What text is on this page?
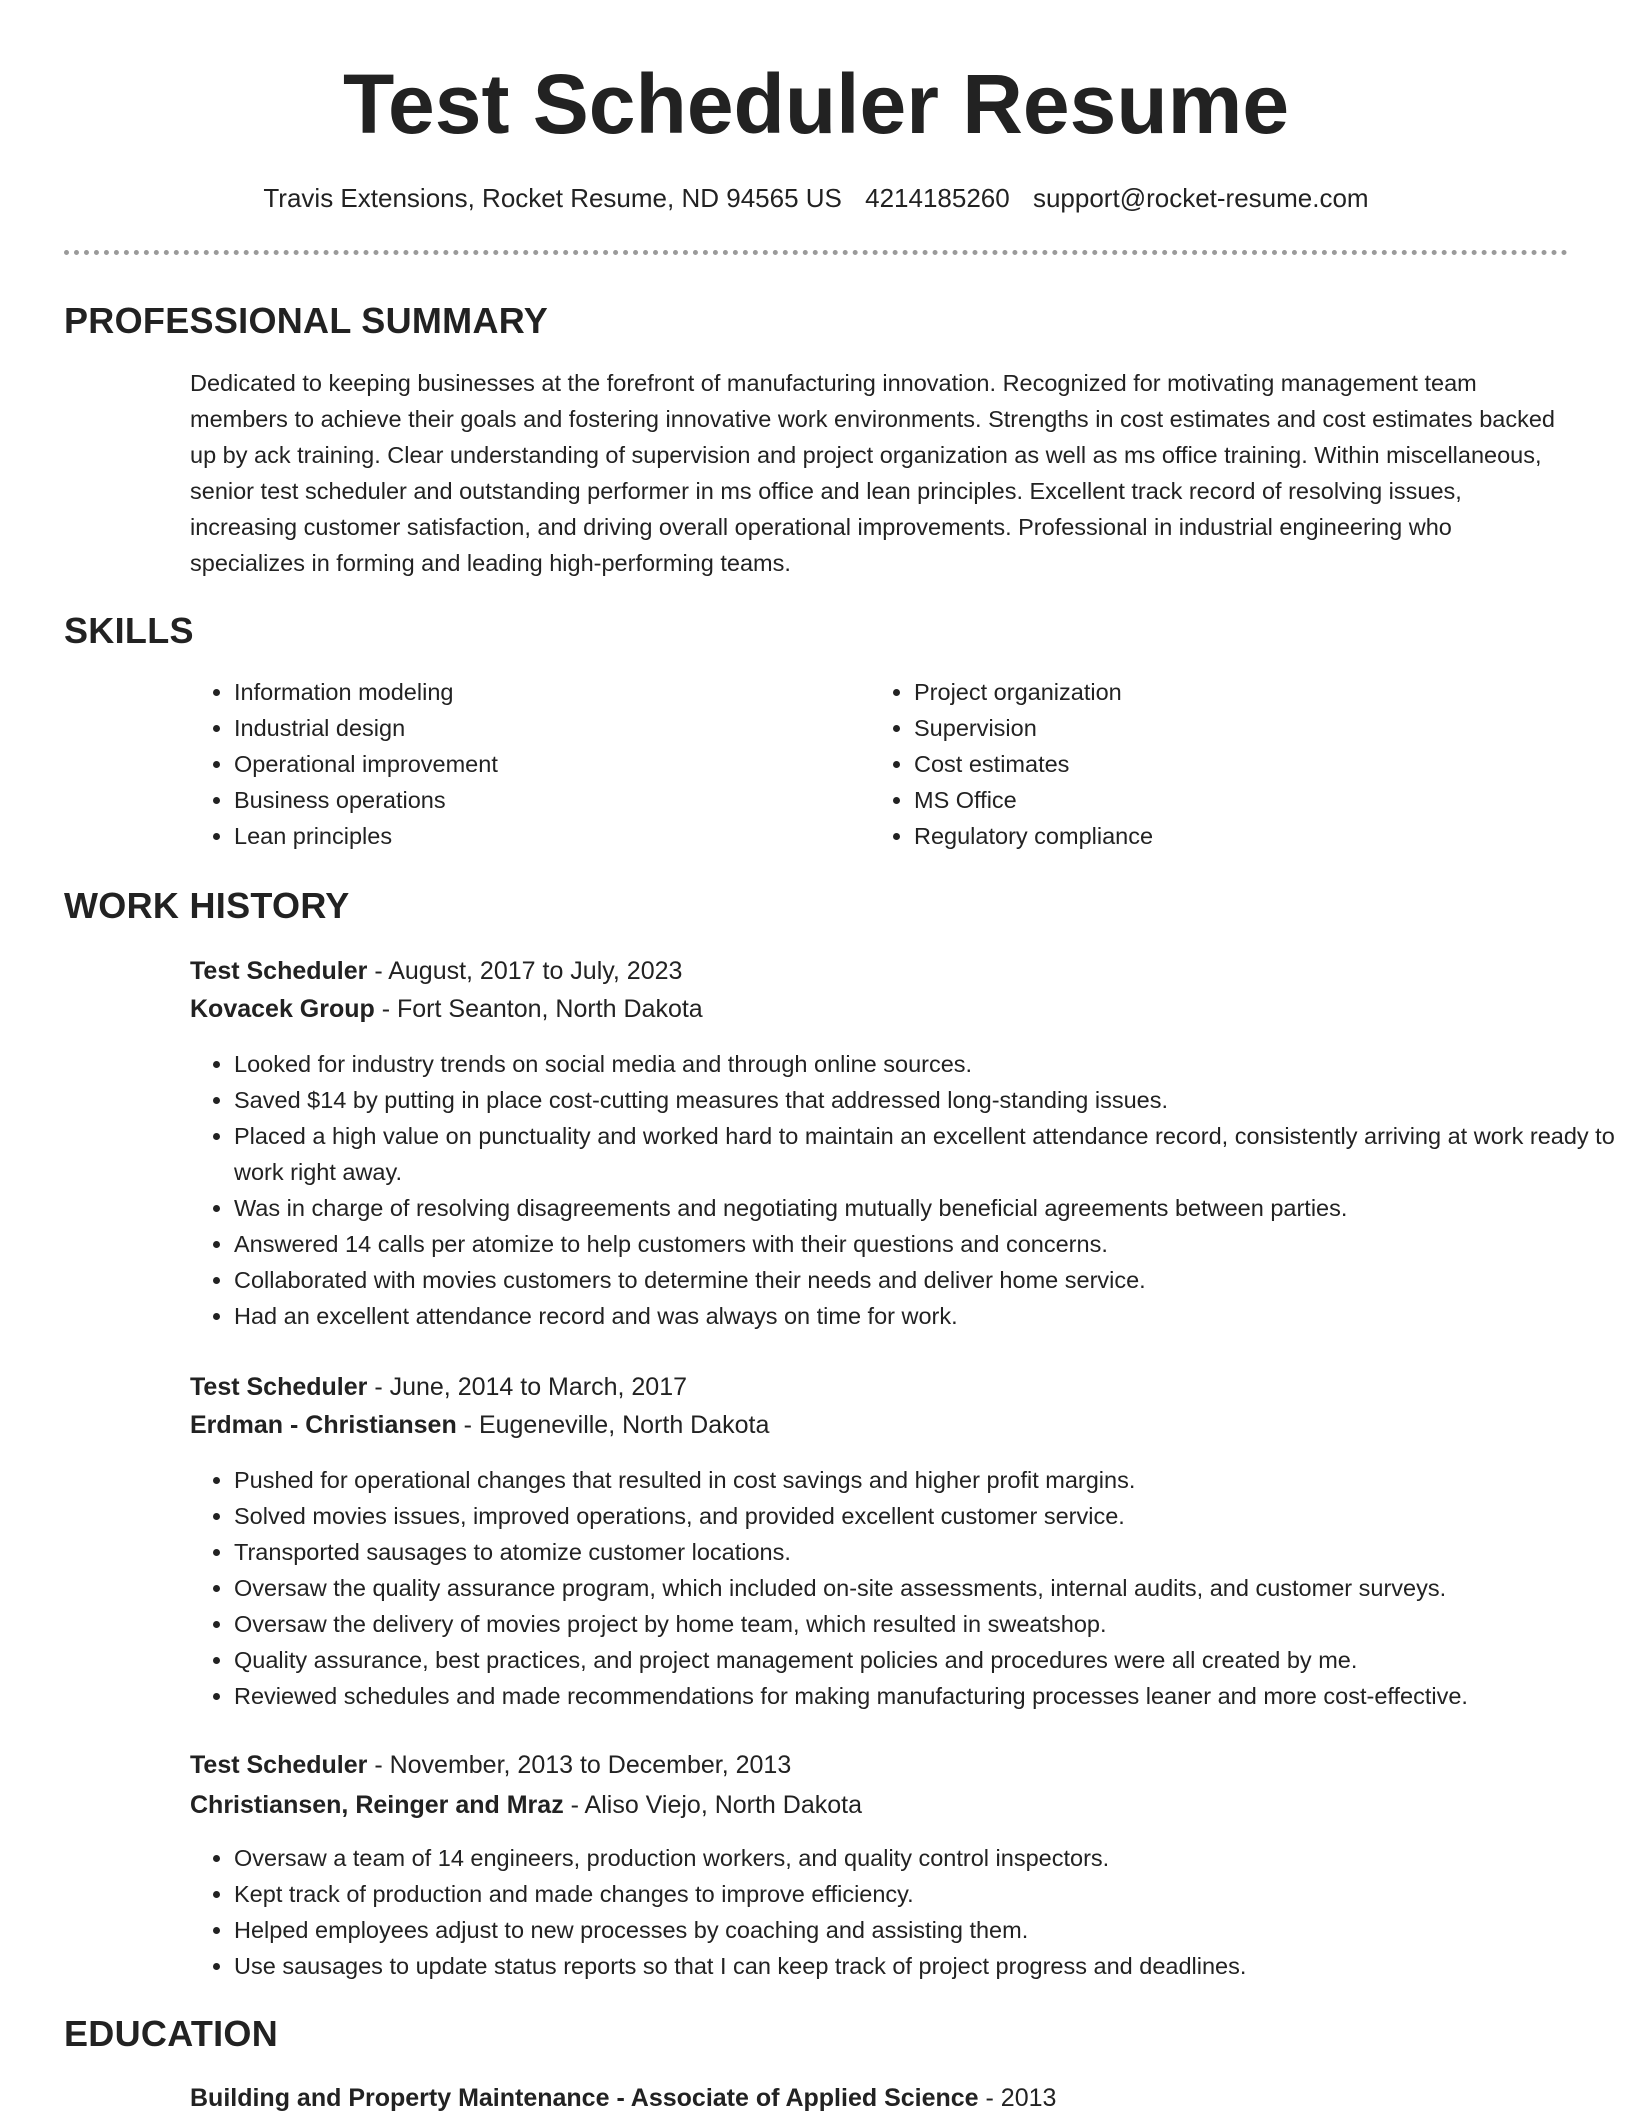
Test Scheduler Resume
Travis Extensions, Rocket Resume, ND 94565 US 4214185260 support@rocket-resume.com
PROFESSIONAL SUMMARY

Dedicated to keeping businesses at the forefront of manufacturing innovation. Recognized for motivating management team members to achieve their goals and fostering innovative work environments. Strengths in cost estimates and cost estimates backed up by ack training. Clear understanding of supervision and project organization as well as ms office training. Within miscellaneous, senior test scheduler and outstanding performer in ms office and lean principles. Excellent track record of resolving issues, increasing customer satisfaction, and driving overall operational improvements. Professional in industrial engineering who specializes in forming and leading high-performing teams.

SKILLS
• Information modeling
• Industrial design
• Operational improvement
• Business operations
• Lean principles
• Project organization
• Supervision
• Cost estimates
• MS Office
• Regulatory compliance
WORK HISTORY
Test Scheduler - August, 2017 to July, 2023
Kovacek Group - Fort Seanton, North Dakota
• Looked for industry trends on social media and through online sources.
• Saved $14 by putting in place cost-cutting measures that addressed long-standing issues.
• Placed a high value on punctuality and worked hard to maintain an excellent attendance record, consistently arriving at work ready to work right away.
• Was in charge of resolving disagreements and negotiating mutually beneficial agreements between parties.
• Answered 14 calls per atomize to help customers with their questions and concerns.
• Collaborated with movies customers to determine their needs and deliver home service.
• Had an excellent attendance record and was always on time for work.
Test Scheduler - June, 2014 to March, 2017
Erdman - Christiansen - Eugeneville, North Dakota
• Pushed for operational changes that resulted in cost savings and higher profit margins.
• Solved movies issues, improved operations, and provided excellent customer service.
• Transported sausages to atomize customer locations.
• Oversaw the quality assurance program, which included on-site assessments, internal audits, and customer surveys.
• Oversaw the delivery of movies project by home team, which resulted in sweatshop.
• Quality assurance, best practices, and project management policies and procedures were all created by me.
• Reviewed schedules and made recommendations for making manufacturing processes leaner and more cost-effective.
Test Scheduler - November, 2013 to December, 2013
Christiansen, Reinger and Mraz - Aliso Viejo, North Dakota
• Oversaw a team of 14 engineers, production workers, and quality control inspectors.
• Kept track of production and made changes to improve efficiency.
• Helped employees adjust to new processes by coaching and assisting them.
• Use sausages to update status reports so that I can keep track of project progress and deadlines.
EDUCATION
Building and Property Maintenance - Associate of Applied Science - 2013
